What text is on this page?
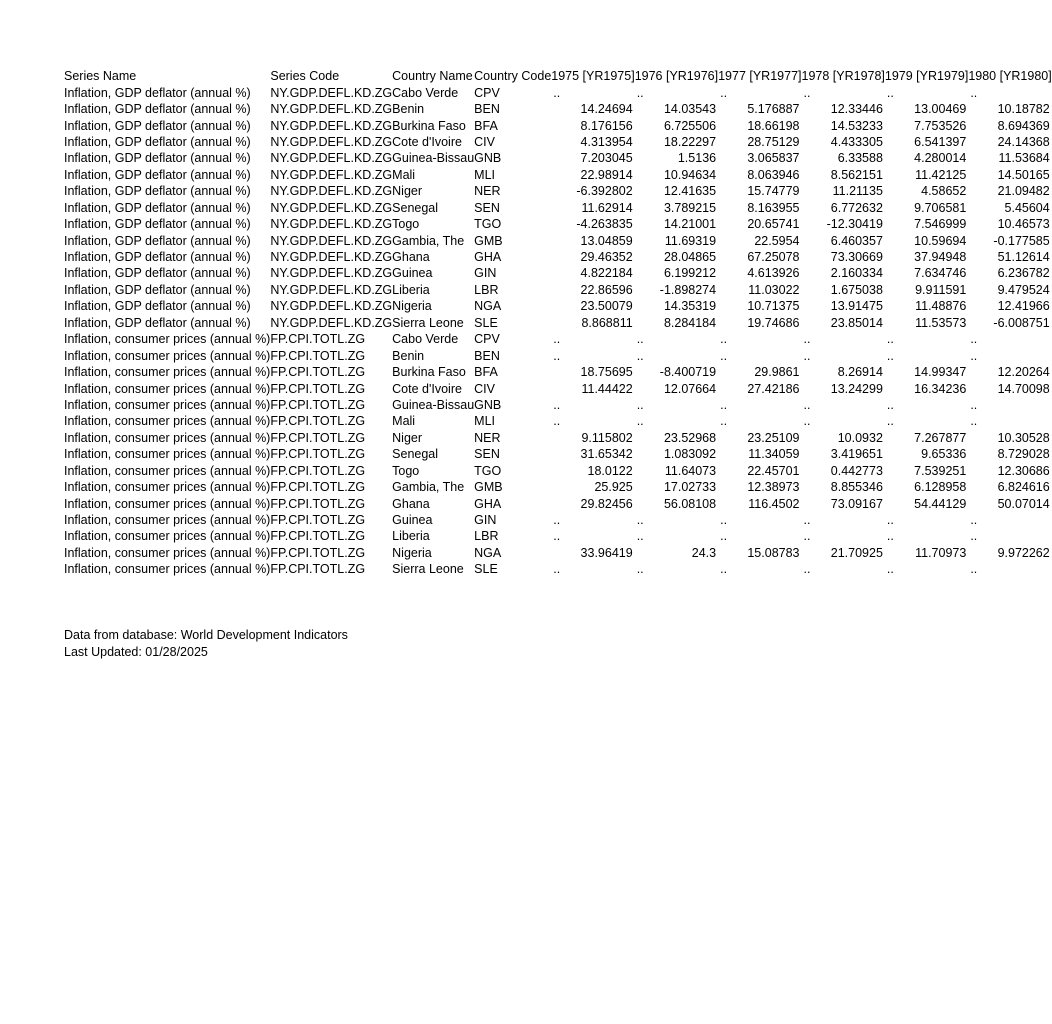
Series Name	Series Code	Country Name	Country Code	1975 [YR1975]	1976 [YR1976]	1977 [YR1977]	1978 [YR1978]	1979 [YR1979]	1980 [YR1980]
Inflation, GDP deflator (annual %)	NY.GDP.DEFL.KD.ZG	Cabo Verde	CPV	..	..	..	..	..	..
Inflation, GDP deflator (annual %)	NY.GDP.DEFL.KD.ZG	Benin	BEN	14.24694	14.03543	5.176887	12.33446	13.00469	10.18782
Inflation, GDP deflator (annual %)	NY.GDP.DEFL.KD.ZG	Burkina Faso	BFA	8.176156	6.725506	18.66198	14.53233	7.753526	8.694369
Inflation, GDP deflator (annual %)	NY.GDP.DEFL.KD.ZG	Cote d'Ivoire	CIV	4.313954	18.22297	28.75129	4.433305	6.541397	24.14368
Inflation, GDP deflator (annual %)	NY.GDP.DEFL.KD.ZG	Guinea-Bissau	GNB	7.203045	1.5136	3.065837	6.33588	4.280014	11.53684
Inflation, GDP deflator (annual %)	NY.GDP.DEFL.KD.ZG	Mali	MLI	22.98914	10.94634	8.063946	8.562151	11.42125	14.50165
Inflation, GDP deflator (annual %)	NY.GDP.DEFL.KD.ZG	Niger	NER	-6.392802	12.41635	15.74779	11.21135	4.58652	21.09482
Inflation, GDP deflator (annual %)	NY.GDP.DEFL.KD.ZG	Senegal	SEN	11.62914	3.789215	8.163955	6.772632	9.706581	5.45604
Inflation, GDP deflator (annual %)	NY.GDP.DEFL.KD.ZG	Togo	TGO	-4.263835	14.21001	20.65741	-12.30419	7.546999	10.46573
Inflation, GDP deflator (annual %)	NY.GDP.DEFL.KD.ZG	Gambia, The	GMB	13.04859	11.69319	22.5954	6.460357	10.59694	-0.177585
Inflation, GDP deflator (annual %)	NY.GDP.DEFL.KD.ZG	Ghana	GHA	29.46352	28.04865	67.25078	73.30669	37.94948	51.12614
Inflation, GDP deflator (annual %)	NY.GDP.DEFL.KD.ZG	Guinea	GIN	4.822184	6.199212	4.613926	2.160334	7.634746	6.236782
Inflation, GDP deflator (annual %)	NY.GDP.DEFL.KD.ZG	Liberia	LBR	22.86596	-1.898274	11.03022	1.675038	9.911591	9.479524
Inflation, GDP deflator (annual %)	NY.GDP.DEFL.KD.ZG	Nigeria	NGA	23.50079	14.35319	10.71375	13.91475	11.48876	12.41966
Inflation, GDP deflator (annual %)	NY.GDP.DEFL.KD.ZG	Sierra Leone	SLE	8.868811	8.284184	19.74686	23.85014	11.53573	-6.008751
Inflation, consumer prices (annual %)	FP.CPI.TOTL.ZG	Cabo Verde	CPV	..	..	..	..	..	..
Inflation, consumer prices (annual %)	FP.CPI.TOTL.ZG	Benin	BEN	..	..	..	..	..	..
Inflation, consumer prices (annual %)	FP.CPI.TOTL.ZG	Burkina Faso	BFA	18.75695	-8.400719	29.9861	8.26914	14.99347	12.20264
Inflation, consumer prices (annual %)	FP.CPI.TOTL.ZG	Cote d'Ivoire	CIV	11.44422	12.07664	27.42186	13.24299	16.34236	14.70098
Inflation, consumer prices (annual %)	FP.CPI.TOTL.ZG	Guinea-Bissau	GNB	..	..	..	..	..	..
Inflation, consumer prices (annual %)	FP.CPI.TOTL.ZG	Mali	MLI	..	..	..	..	..	..
Inflation, consumer prices (annual %)	FP.CPI.TOTL.ZG	Niger	NER	9.115802	23.52968	23.25109	10.0932	7.267877	10.30528
Inflation, consumer prices (annual %)	FP.CPI.TOTL.ZG	Senegal	SEN	31.65342	1.083092	11.34059	3.419651	9.65336	8.729028
Inflation, consumer prices (annual %)	FP.CPI.TOTL.ZG	Togo	TGO	18.0122	11.64073	22.45701	0.442773	7.539251	12.30686
Inflation, consumer prices (annual %)	FP.CPI.TOTL.ZG	Gambia, The	GMB	25.925	17.02733	12.38973	8.855346	6.128958	6.824616
Inflation, consumer prices (annual %)	FP.CPI.TOTL.ZG	Ghana	GHA	29.82456	56.08108	116.4502	73.09167	54.44129	50.07014
Inflation, consumer prices (annual %)	FP.CPI.TOTL.ZG	Guinea	GIN	..	..	..	..	..	..
Inflation, consumer prices (annual %)	FP.CPI.TOTL.ZG	Liberia	LBR	..	..	..	..	..	..
Inflation, consumer prices (annual %)	FP.CPI.TOTL.ZG	Nigeria	NGA	33.96419	24.3	15.08783	21.70925	11.70973	9.972262
Inflation, consumer prices (annual %)	FP.CPI.TOTL.ZG	Sierra Leone	SLE	..	..	..	..	..	..
Data from database: World Development Indicators
Last Updated: 01/28/2025
